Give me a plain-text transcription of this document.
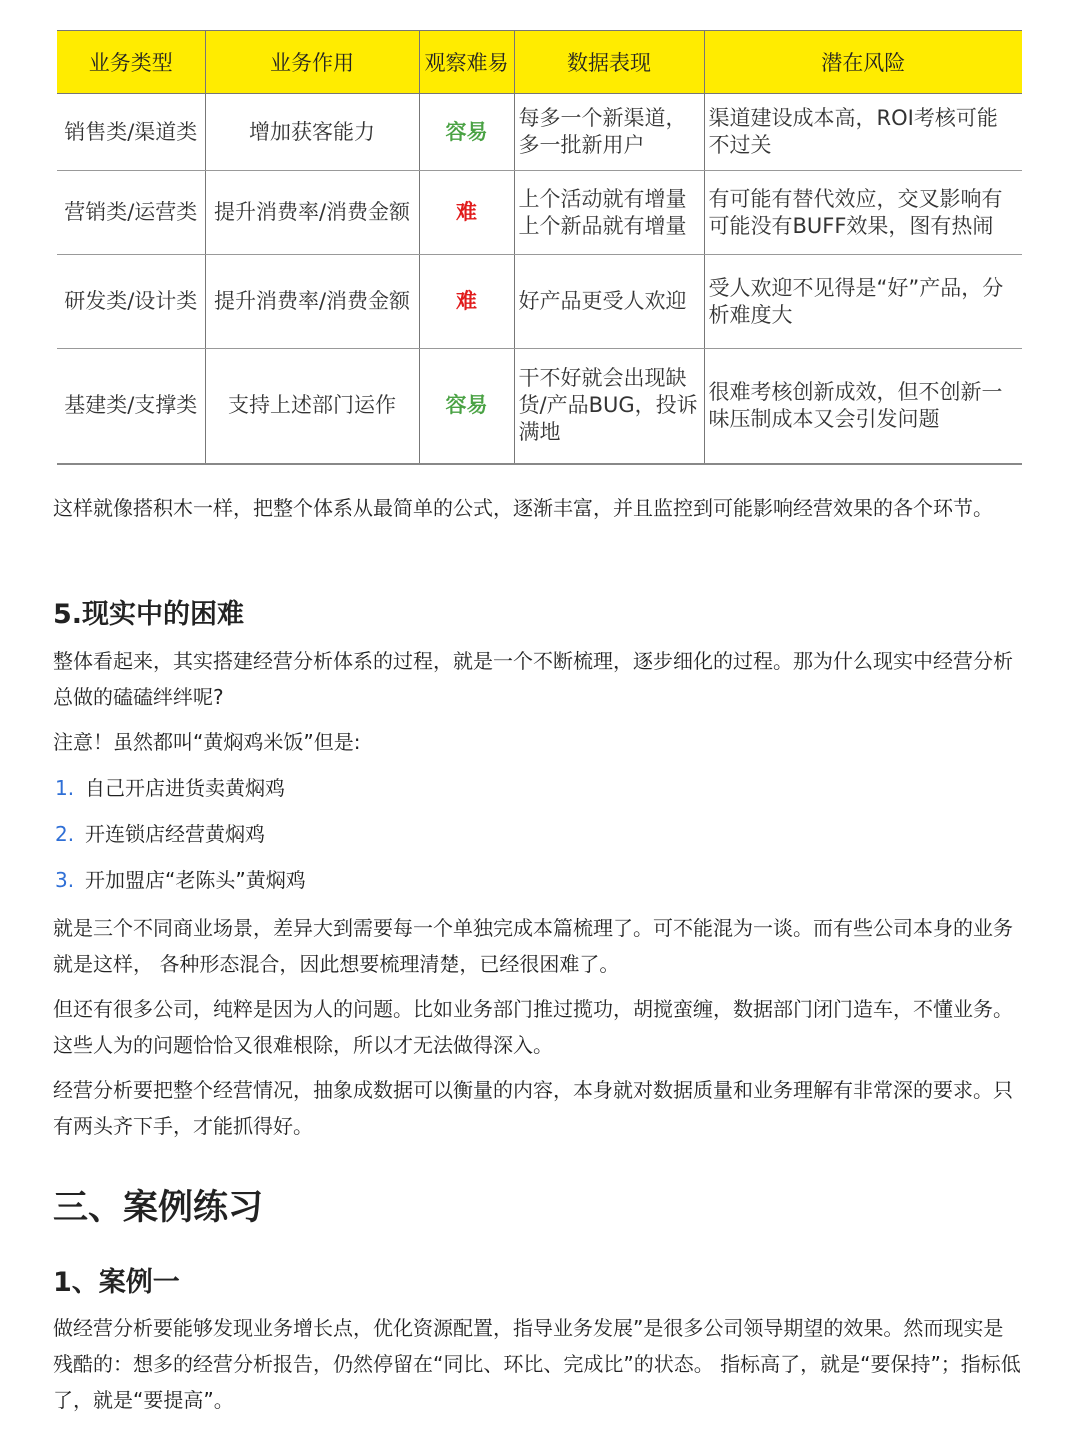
业务类型	业务作用	观察难易	数据表现	潜在风险
销售类/渠道类	增加获客能力	容易	每多一个新渠道，多一批新用户	渠道建设成本高，ROI考核可能不过关
营销类/运营类	提升消费率/消费金额	难	上个活动就有增量上个新品就有增量	有可能有替代效应，交叉影响有可能没有BUFF效果，图有热闹
研发类/设计类	提升消费率/消费金额	难	好产品更受人欢迎	受人欢迎不见得是“好”产品，分析难度大
基建类/支撑类	支持上述部门运作	容易	干不好就会出现缺货/产品BUG，投诉满地	很难考核创新成效，但不创新一味压制成本又会引发问题

这样就像搭积木一样，把整个体系从最简单的公式，逐渐丰富，并且监控到可能影响经营效果的各个环节。

5.现实中的困难

整体看起来，其实搭建经营分析体系的过程，就是一个不断梳理，逐步细化的过程。那为什么现实中经营分析总做的磕磕绊绊呢?

注意！虽然都叫“黄焖鸡米饭”但是:

1. 自己开店进货卖黄焖鸡
2. 开连锁店经营黄焖鸡
3. 开加盟店“老陈头”黄焖鸡

就是三个不同商业场景，差异大到需要每一个单独完成本篇梳理了。可不能混为一谈。而有些公司本身的业务就是这样， 各种形态混合，因此想要梳理清楚，已经很困难了。

但还有很多公司，纯粹是因为人的问题。比如业务部门推过揽功，胡搅蛮缠，数据部门闭门造车，不懂业务。这些人为的问题恰恰又很难根除，所以才无法做得深入。

经营分析要把整个经营情况，抽象成数据可以衡量的内容，本身就对数据质量和业务理解有非常深的要求。只有两头齐下手，才能抓得好。

三、案例练习
1、案例一

做经营分析要能够发现业务增长点，优化资源配置，指导业务发展”是很多公司领导期望的效果。然而现实是残酷的：想多的经营分析报告，仍然停留在“同比、环比、完成比”的状态。 指标高了，就是“要保持”；指标低了，就是“要提高”。
